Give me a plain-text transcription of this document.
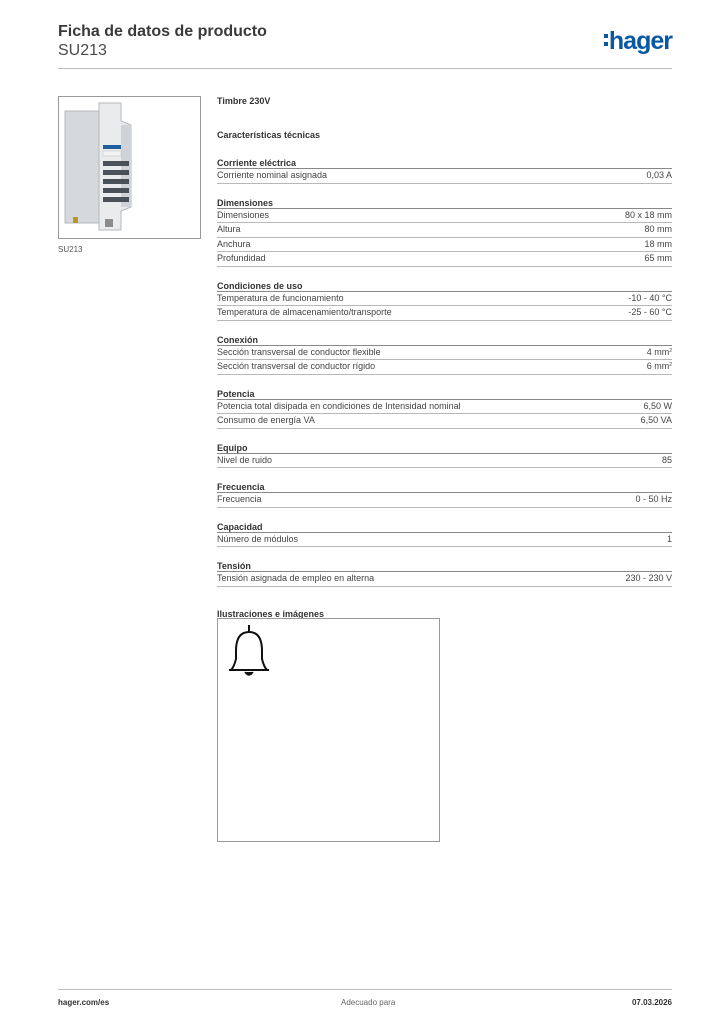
Ficha de datos de producto
SU213	hager
SU213
Timbre 230V
Características técnicas
Corriente eléctrica
Corriente nominal asignada	0,03 A
Dimensiones
Dimensiones	80 x 18 mm
Altura	80 mm
Anchura	18 mm
Profundidad	65 mm
Condiciones de uso
Temperatura de funcionamiento	-10 - 40 °C
Temperatura de almacenamiento/transporte	-25 - 60 °C
Conexión
Sección transversal de conductor flexible	4 $mm^2$
Sección transversal de conductor rígido	6 $mm^2$
Potencia
Potencia total disipada en condiciones de Intensidad nominal	6,50 W
Consumo de energía VA	6,50 VA
Equipo
Nivel de ruido	85
Frecuencia
Frecuencia	0 - 50 Hz
Capacidad
Número de módulos	1
Tensión
Tensión asignada de empleo en alterna	230 - 230 V
Ilustraciones e imágenes
hager.com/es	Adecuado para	07.03.2026
